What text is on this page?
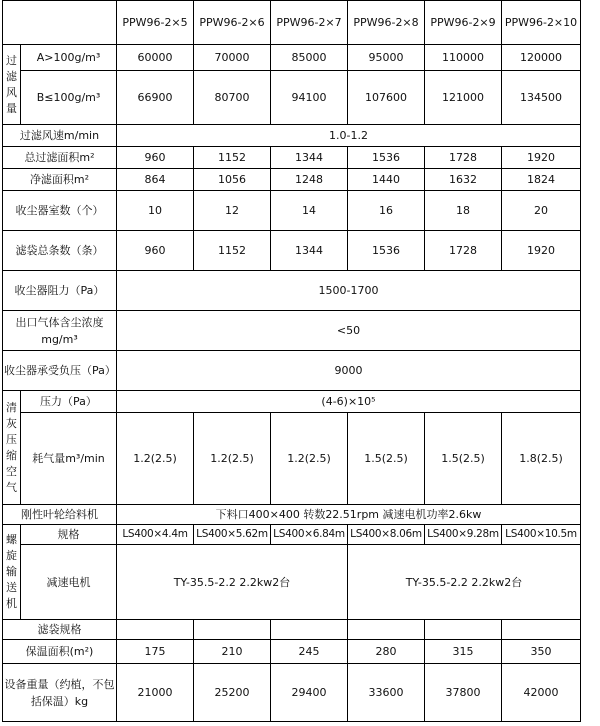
		PPW96-2×5	PPW96-2×6	PPW96-2×7	PPW96-2×8	PPW96-2×9	PPW96-2×10
过滤风量	A>100g/m³	60000	70000	85000	95000	110000	120000
	B≤100g/m³	66900	80700	94100	107600	121000	134500
过滤风速m/min		1.0-1.2					
总过滤面积m²		960	1152	1344	1536	1728	1920
净滤面积m²		864	1056	1248	1440	1632	1824
收尘器室数（个）		10	12	14	16	18	20
滤袋总条数（条）		960	1152	1344	1536	1728	1920
收尘器阻力（Pa）		1500-1700					
出口气体含尘浓度mg/m³		<50					
收尘器承受负压（Pa）		9000					
清灰压缩空气	压力（Pa）	(4-6)×10⁵					
	耗气量m³/min	1.2(2.5)	1.2(2.5)	1.2(2.5)	1.5(2.5)	1.5(2.5)	1.8(2.5)
刚性叶轮给料机		下料口400×400 转数22.51rpm 减速电机功率2.6kw					
螺旋输送机	规格	LS400×4.4m	LS400×5.62m	LS400×6.84m	LS400×8.06m	LS400×9.28m	LS400×10.5m
	减速电机	TY-35.5-2.2 2.2kw2台			TY-35.5-2.2 2.2kw2台		
滤袋规格							
保温面积(m²)		175	210	245	280	315	350
设备重量（约植，不包括保温）kg		21000	25200	29400	33600	37800	42000
